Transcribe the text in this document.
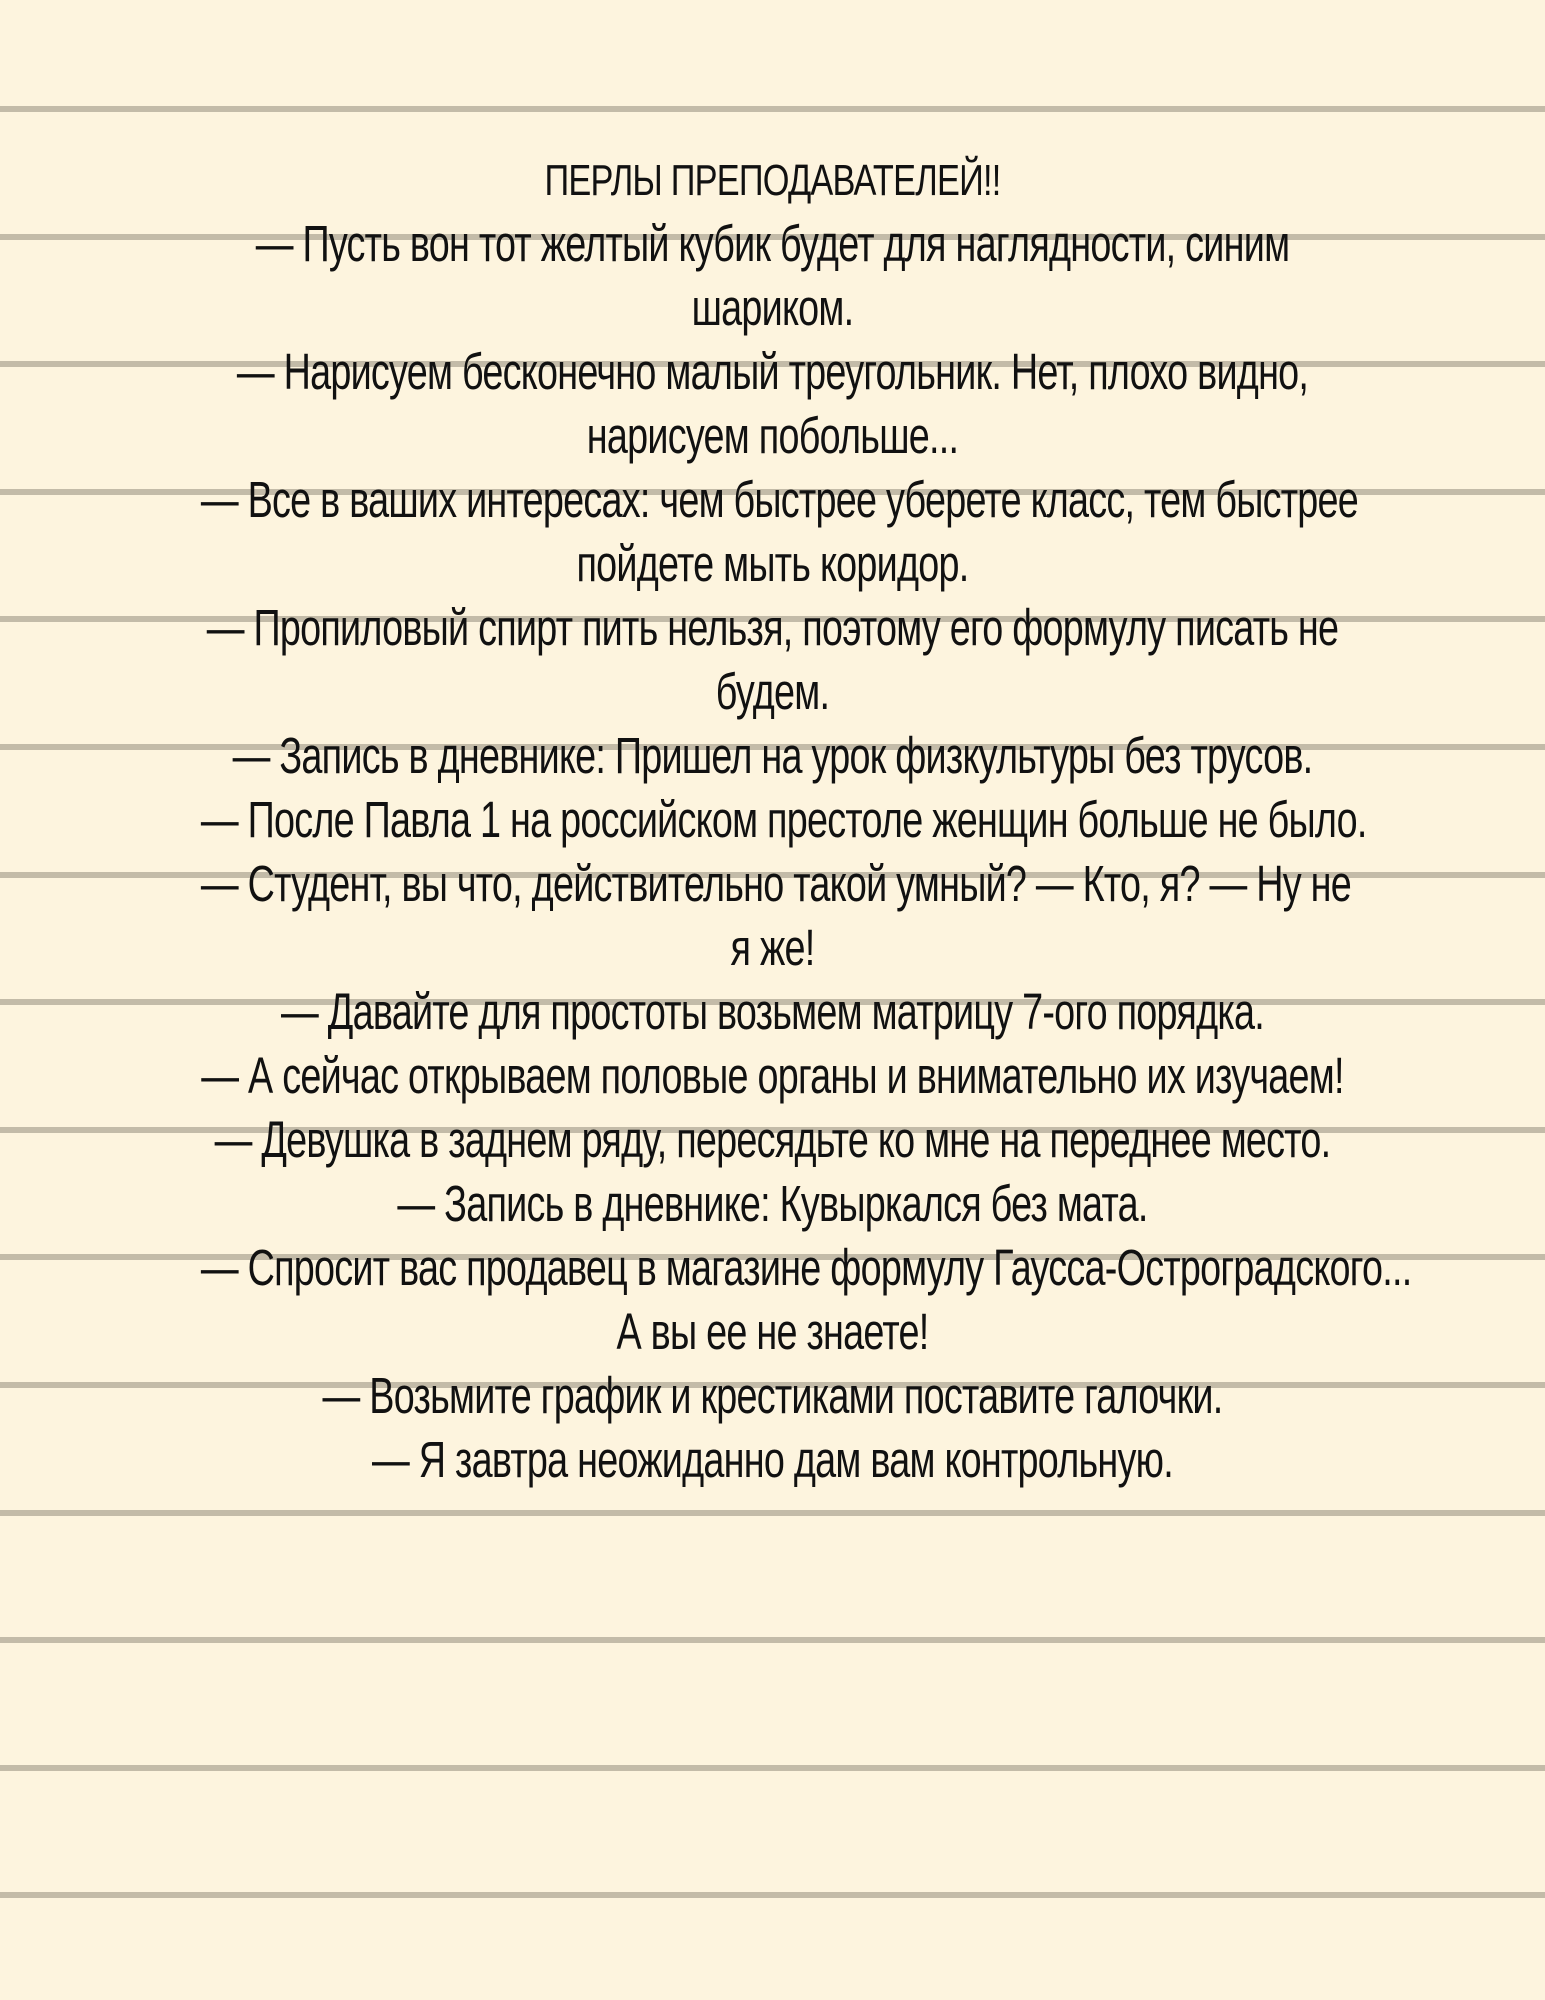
ПЕРЛЫ ПРЕПОДАВАТЕЛЕЙ!!
— Пусть вон тот желтый кубик будет для наглядности, синим
шариком.
— Нарисуем бесконечно малый треугольник. Нет, плохо видно,
нарисуем побольше...
— Все в ваших интересах: чем быстрее уберете класс, тем быстрее
пойдете мыть коридор.
— Пропиловый спирт пить нельзя, поэтому его формулу писать не
будем.
— Запись в дневнике: Пришел на урок физкультуры без трусов.
— После Павла 1 на российском престоле женщин больше не было.
— Студент, вы что, действительно такой умный? — Кто, я? — Ну не
я же!
— Давайте для простоты возьмем матрицу 7-ого порядка.
— А сейчас открываем половые органы и внимательно их изучаем!
— Девушка в заднем ряду, пересядьте ко мне на переднее место.
— Запись в дневнике: Кувыркался без мата.
— Спросит вас продавец в магазине формулу Гаусса-Остроградского...
А вы ее не знаете!
— Возьмите график и крестиками поставите галочки.
— Я завтра неожиданно дам вам контрольную.
